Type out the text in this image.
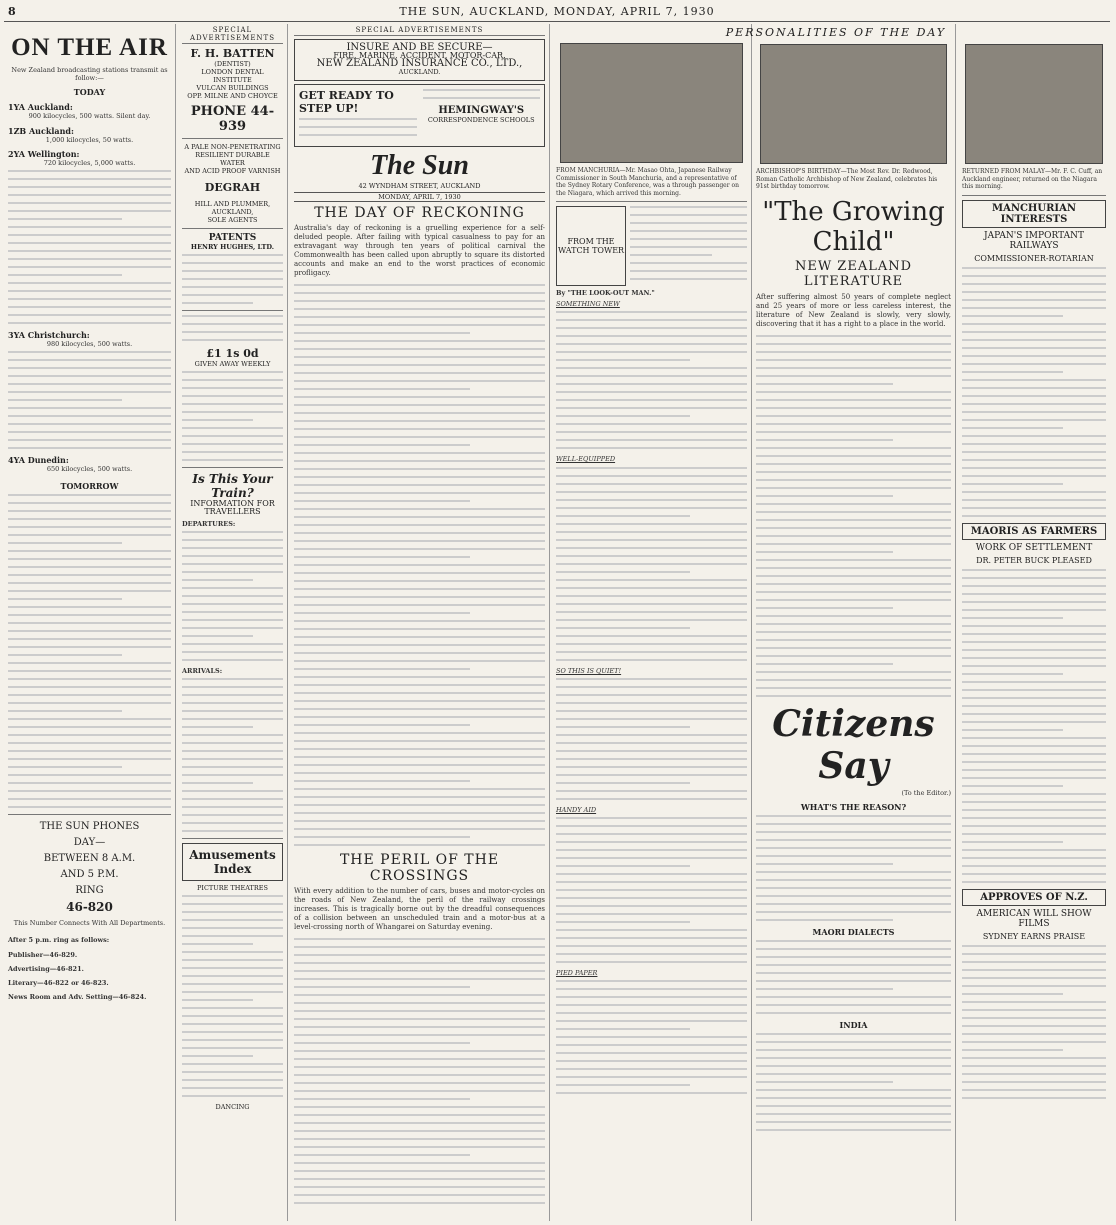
8	THE SUN, AUCKLAND, MONDAY, APRIL 7, 1930
ON THE AIR
New Zealand broadcasting stations transmit as follow:—
TODAY
1YA Auckland:
900 kilocycles, 500 watts. Silent day.
1ZB Auckland:
1,000 kilocycles, 50 watts.
2YA Wellington:
720 kilocycles, 5,000 watts.
3YA Christchurch:
980 kilocycles, 500 watts.
4YA Dunedin:
650 kilocycles, 500 watts.
TOMORROW
THE SUN PHONES
DAY—
BETWEEN 8 A.M.
AND 5 P.M.
RING
46-820
This Number Connects With All Departments.
After 5 p.m. ring as follows:
Publisher—46-829.
Advertising—46-821.
Literary—46-822 or 46-823.
News Room and Adv. Setting—46-824.
SPECIAL ADVERTISEMENTS
F. H. BATTEN
(DENTIST)
LONDON DENTAL INSTITUTE
VULCAN BUILDINGS
OPP. MILNE AND CHOYCE
PHONE 44-939
A PALE NON-PENETRATING
RESILIENT DURABLE WATER
AND ACID PROOF VARNISH
DEGRAH
HILL AND PLUMMER,
AUCKLAND,
SOLE AGENTS
PATENTS
HENRY HUGHES, LTD.
£1 1s 0d
GIVEN AWAY WEEKLY
Is This Your Train?
INFORMATION FOR TRAVELLERS
DEPARTURES:
ARRIVALS:
Amusements Index
PICTURE THEATRES
DANCING
SPECIAL ADVERTISEMENTS
INSURE AND BE SECURE—
FIRE, MARINE, ACCIDENT, MOTOR-CAR.
NEW ZEALAND INSURANCE CO., LTD.,
AUCKLAND.
GET READY TO STEP UP!	HEMINGWAY'S
CORRESPONDENCE SCHOOLS
The Sun
42 WYNDHAM STREET, AUCKLAND
MONDAY, APRIL 7, 1930
THE DAY OF RECKONING
Australia's day of reckoning is a gruelling experience for a self-deluded people. After failing with typical casualness to pay for an extravagant way through ten years of political carnival the Commonwealth has been called upon abruptly to square its distorted accounts and make an end to the worst practices of economic profligacy.
THE PERIL OF THE CROSSINGS
With every addition to the number of cars, buses and motor-cycles on the roads of New Zealand, the peril of the railway crossings increases. This is tragically borne out by the dreadful consequences of a collision between an unscheduled train and a motor-bus at a level-crossing north of Whangarei on Saturday evening.
PERSONALITIES OF THE DAY
FROM MANCHURIA—Mr. Masao Ohta, Japanese Railway Commissioner in South Manchuria, and a representative of the Sydney Rotary Conference, was a through passenger on the Niagara, which arrived this morning.
FROM THE WATCH TOWER
By "THE LOOK-OUT MAN."
SOMETHING NEW
WELL-EQUIPPED
SO THIS IS QUIET!
HANDY AID
PIED PAPER
ARCHBISHOP'S BIRTHDAY—The Most Rev. Dr. Redwood, Roman Catholic Archbishop of New Zealand, celebrates his 91st birthday tomorrow.
"The Growing Child"
NEW ZEALAND LITERATURE
After suffering almost 50 years of complete neglect and 25 years of more or less careless interest, the literature of New Zealand is slowly, very slowly, discovering that it has a right to a place in the world.
Citizens Say
(To the Editor.)
WHAT'S THE REASON?
MAORI DIALECTS
INDIA
RETURNED FROM MALAY—Mr. F. C. Cuff, an Auckland engineer, returned on the Niagara this morning.
MANCHURIAN INTERESTS
JAPAN'S IMPORTANT RAILWAYS
COMMISSIONER-ROTARIAN
MAORIS AS FARMERS
WORK OF SETTLEMENT
DR. PETER BUCK PLEASED
APPROVES OF N.Z.
AMERICAN WILL SHOW FILMS
SYDNEY EARNS PRAISE
